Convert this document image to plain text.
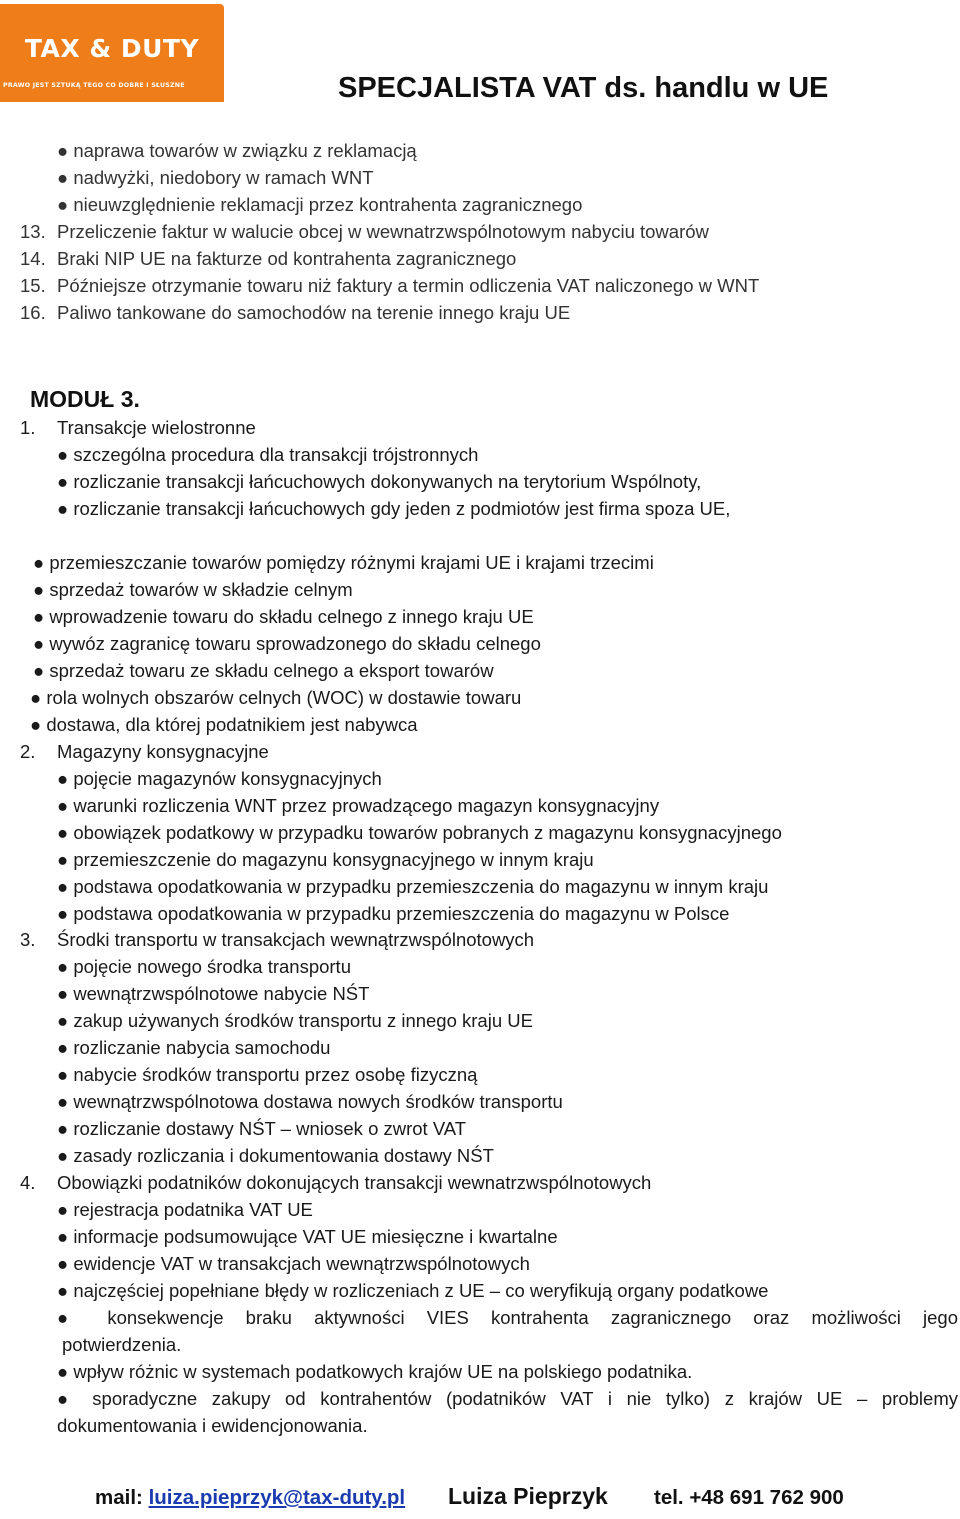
TAX & DUTY
PRAWO JEST SZTUKĄ TEGO CO DOBRE I SŁUSZNE	SPECJALISTA VAT ds. handlu w UE
● naprawa towarów w związku z reklamacją
● nadwyżki, niedobory w ramach WNT
● nieuwzględnienie reklamacji przez kontrahenta zagranicznego
13. Przeliczenie faktur w walucie obcej w wewnatrzwspólnotowym nabyciu towarów
14. Braki NIP UE na fakturze od kontrahenta zagranicznego
15. Późniejsze otrzymanie towaru niż faktury a termin odliczenia VAT naliczonego w WNT
16. Paliwo tankowane do samochodów na terenie innego kraju UE
MODUŁ 3.
1. Transakcje wielostronne
● szczególna procedura dla transakcji trójstronnych
● rozliczanie transakcji łańcuchowych dokonywanych na terytorium Wspólnoty,
● rozliczanie transakcji łańcuchowych gdy jeden z podmiotów jest firma spoza UE,
● przemieszczanie towarów pomiędzy różnymi krajami UE i krajami trzecimi
● sprzedaż towarów w składzie celnym
● wprowadzenie towaru do składu celnego z innego kraju UE
● wywóz zagranicę towaru sprowadzonego do składu celnego
● sprzedaż towaru ze składu celnego a eksport towarów
● rola wolnych obszarów celnych (WOC) w dostawie towaru
● dostawa, dla której podatnikiem jest nabywca
2. Magazyny konsygnacyjne
● pojęcie magazynów konsygnacyjnych
● warunki rozliczenia WNT przez prowadzącego magazyn konsygnacyjny
● obowiązek podatkowy w przypadku towarów pobranych z magazynu konsygnacyjnego
● przemieszczenie do magazynu konsygnacyjnego w innym kraju
● podstawa opodatkowania w przypadku przemieszczenia do magazynu w innym kraju
● podstawa opodatkowania w przypadku przemieszczenia do magazynu w Polsce
3. Środki transportu w transakcjach wewnątrzwspólnotowych
● pojęcie nowego środka transportu
● wewnątrzwspólnotowe nabycie NŚT
● zakup używanych środków transportu z innego kraju UE
● rozliczanie nabycia samochodu
● nabycie środków transportu przez osobę fizyczną
● wewnątrzwspólnotowa dostawa nowych środków transportu
● rozliczanie dostawy NŚT – wniosek o zwrot VAT
● zasady rozliczania i dokumentowania dostawy NŚT
4. Obowiązki podatników dokonujących transakcji wewnatrzwspólnotowych
● rejestracja podatnika VAT UE
● informacje podsumowujące VAT UE miesięczne i kwartalne
● ewidencje VAT w transakcjach wewnątrzwspólnotowych
● najczęściej popełniane błędy w rozliczeniach z UE – co weryfikują organy podatkowe
● konsekwencje braku aktywności VIES kontrahenta zagranicznego oraz możliwości jego
potwierdzenia.
● wpływ różnic w systemach podatkowych krajów UE na polskiego podatnika.
● sporadyczne zakupy od kontrahentów (podatników VAT i nie tylko) z krajów UE – problemy
dokumentowania i ewidencjonowania.
mail: luiza.pieprzyk@tax-duty.pl Luiza Pieprzyk tel. +48 691 762 900
